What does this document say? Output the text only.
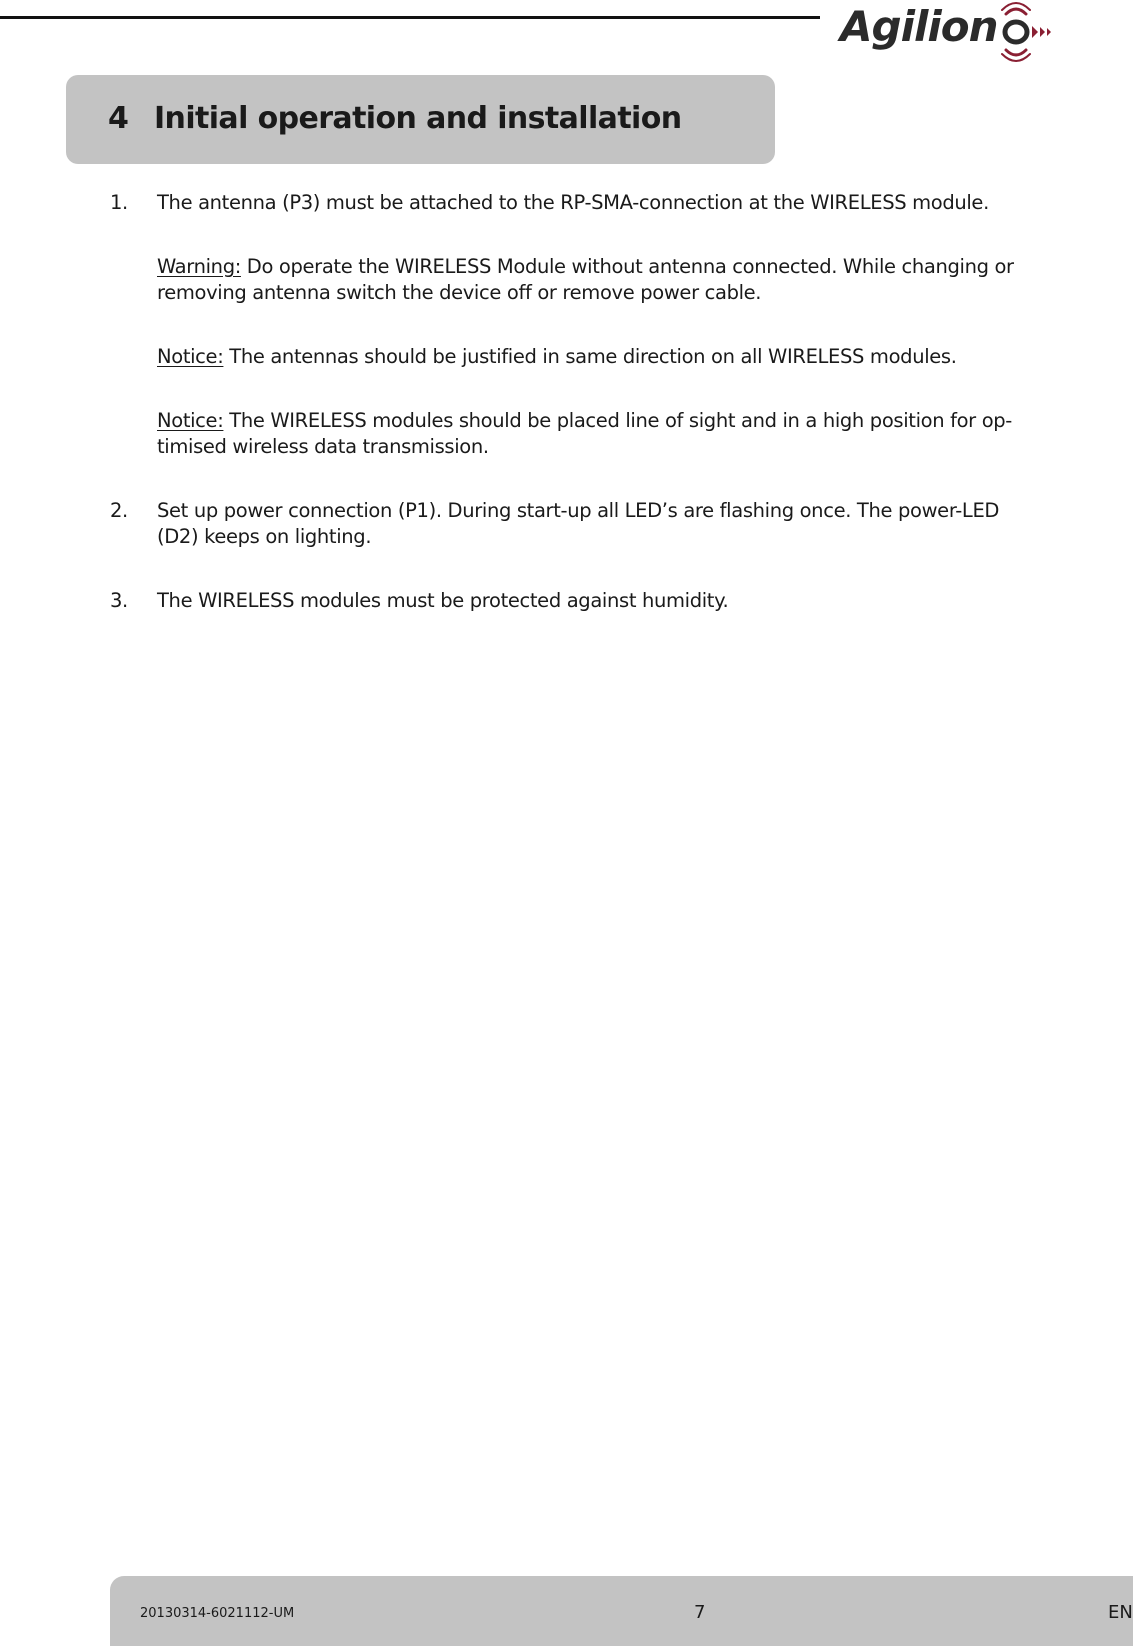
Agilion
4 Initial operation and installation
1. The antenna (P3) must be attached to the RP-SMA-connection at the WIRELESS module.
Warning: Do operate the WIRELESS Module without antenna connected. While changing or removing antenna switch the device off or remove power cable.
Notice: The antennas should be justified in same direction on all WIRELESS modules.
Notice: The WIRELESS modules should be placed line of sight and in a high position for op-timised wireless data transmission.
2. Set up power connection (P1). During start-up all LED’s are flashing once. The power-LED (D2) keeps on lighting.
3. The WIRELESS modules must be protected against humidity.
20130314-6021112-UM	7	EN
